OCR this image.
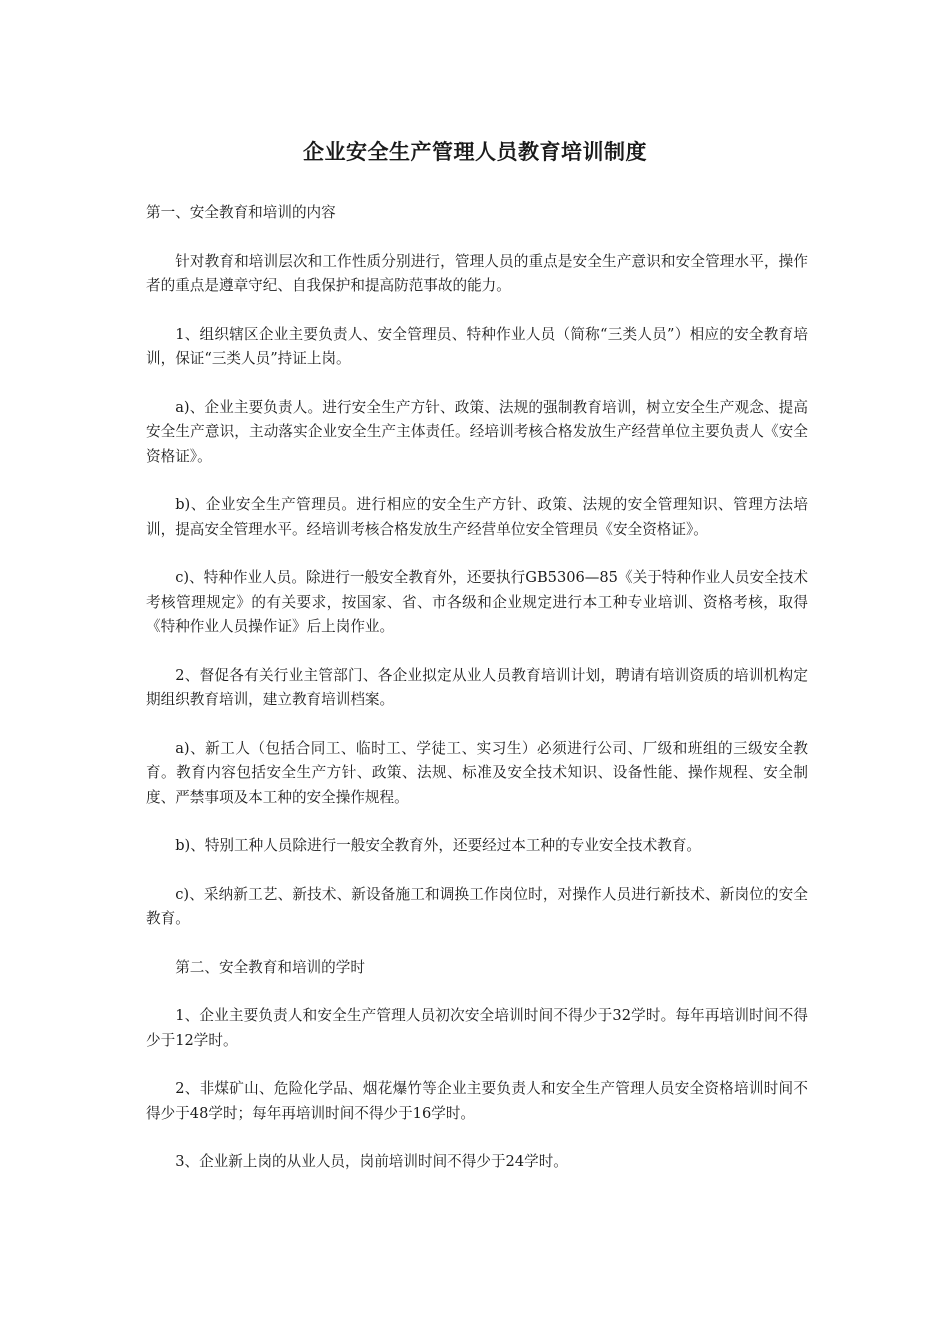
企业安全生产管理人员教育培训制度

第一、安全教育和培训的内容

针对教育和培训层次和工作性质分别进行，管理人员的重点是安全生产意识和安全管理水平，操作者的重点是遵章守纪、自我保护和提高防范事故的能力。

1、组织辖区企业主要负责人、安全管理员、特种作业人员（简称“三类人员”）相应的安全教育培训，保证“三类人员”持证上岗。

a)、企业主要负责人。进行安全生产方针、政策、法规的强制教育培训，树立安全生产观念、提高安全生产意识，主动落实企业安全生产主体责任。经培训考核合格发放生产经营单位主要负责人《安全资格证》。

b)、企业安全生产管理员。进行相应的安全生产方针、政策、法规的安全管理知识、管理方法培训，提高安全管理水平。经培训考核合格发放生产经营单位安全管理员《安全资格证》。

c)、特种作业人员。除进行一般安全教育外，还要执行GB5306—85《关于特种作业人员安全技术考核管理规定》的有关要求，按国家、省、市各级和企业规定进行本工种专业培训、资格考核，取得《特种作业人员操作证》后上岗作业。

2、督促各有关行业主管部门、各企业拟定从业人员教育培训计划，聘请有培训资质的培训机构定期组织教育培训，建立教育培训档案。

a)、新工人（包括合同工、临时工、学徒工、实习生）必须进行公司、厂级和班组的三级安全教育。教育内容包括安全生产方针、政策、法规、标准及安全技术知识、设备性能、操作规程、安全制度、严禁事项及本工种的安全操作规程。

b)、特别工种人员除进行一般安全教育外，还要经过本工种的专业安全技术教育。

c)、采纳新工艺、新技术、新设备施工和调换工作岗位时，对操作人员进行新技术、新岗位的安全教育。

第二、安全教育和培训的学时

1、企业主要负责人和安全生产管理人员初次安全培训时间不得少于32学时。每年再培训时间不得少于12学时。

2、非煤矿山、危险化学品、烟花爆竹等企业主要负责人和安全生产管理人员安全资格培训时间不得少于48学时；每年再培训时间不得少于16学时。

3、企业新上岗的从业人员，岗前培训时间不得少于24学时。
